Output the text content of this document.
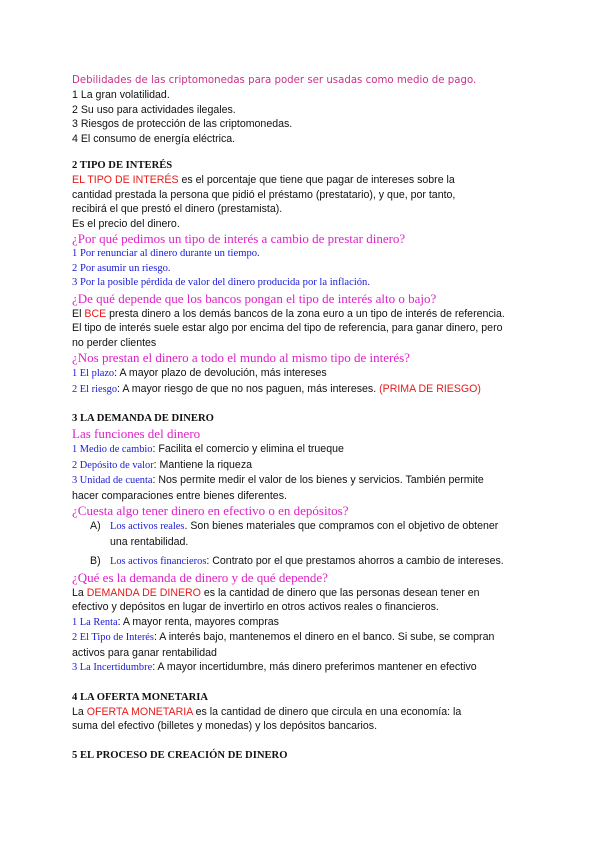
Debilidades de las criptomonedas para poder ser usadas como medio de pago.
1 La gran volatilidad.
2 Su uso para actividades ilegales.
3 Riesgos de protección de las criptomonedas.
4 El consumo de energía eléctrica.
2 TIPO DE INTERÉS
EL TIPO DE INTERÉS es el porcentaje que tiene que pagar de intereses sobre la
cantidad prestada la persona que pidió el préstamo (prestatario), y que, por tanto,
recibirá el que prestó el dinero (prestamista).
Es el precio del dinero.
¿Por qué pedimos un tipo de interés a cambio de prestar dinero?
1 Por renunciar al dinero durante un tiempo.
2 Por asumir un riesgo.
3 Por la posible pérdida de valor del dinero producida por la inflación.
¿De qué depende que los bancos pongan el tipo de interés alto o bajo?
El BCE presta dinero a los demás bancos de la zona euro a un tipo de interés de referencia.
El tipo de interés suele estar algo por encima del tipo de referencia, para ganar dinero, pero
no perder clientes
¿Nos prestan el dinero a todo el mundo al mismo tipo de interés?
1 El plazo: A mayor plazo de devolución, más intereses
2 El riesgo: A mayor riesgo de que no nos paguen, más intereses. (PRIMA DE RIESGO)
3 LA DEMANDA DE DINERO
Las funciones del dinero
1 Medio de cambio: Facilita el comercio y elimina el trueque
2 Depósito de valor: Mantiene la riqueza
3 Unidad de cuenta: Nos permite medir el valor de los bienes y servicios. También permite
hacer comparaciones entre bienes diferentes.
¿Cuesta algo tener dinero en efectivo o en depósitos?
A) Los activos reales. Son bienes materiales que compramos con el objetivo de obtener
una rentabilidad.
B) Los activos financieros: Contrato por el que prestamos ahorros a cambio de intereses.
¿Qué es la demanda de dinero y de qué depende?
La DEMANDA DE DINERO es la cantidad de dinero que las personas desean tener en
efectivo y depósitos en lugar de invertirlo en otros activos reales o financieros.
1 La Renta: A mayor renta, mayores compras
2 El Tipo de Interés: A interés bajo, mantenemos el dinero en el banco. Si sube, se compran
activos para ganar rentabilidad
3 La Incertidumbre: A mayor incertidumbre, más dinero preferimos mantener en efectivo
4 LA OFERTA MONETARIA
La OFERTA MONETARIA es la cantidad de dinero que circula en una economía: la
suma del efectivo (billetes y monedas) y los depósitos bancarios.
5 EL PROCESO DE CREACIÓN DE DINERO
